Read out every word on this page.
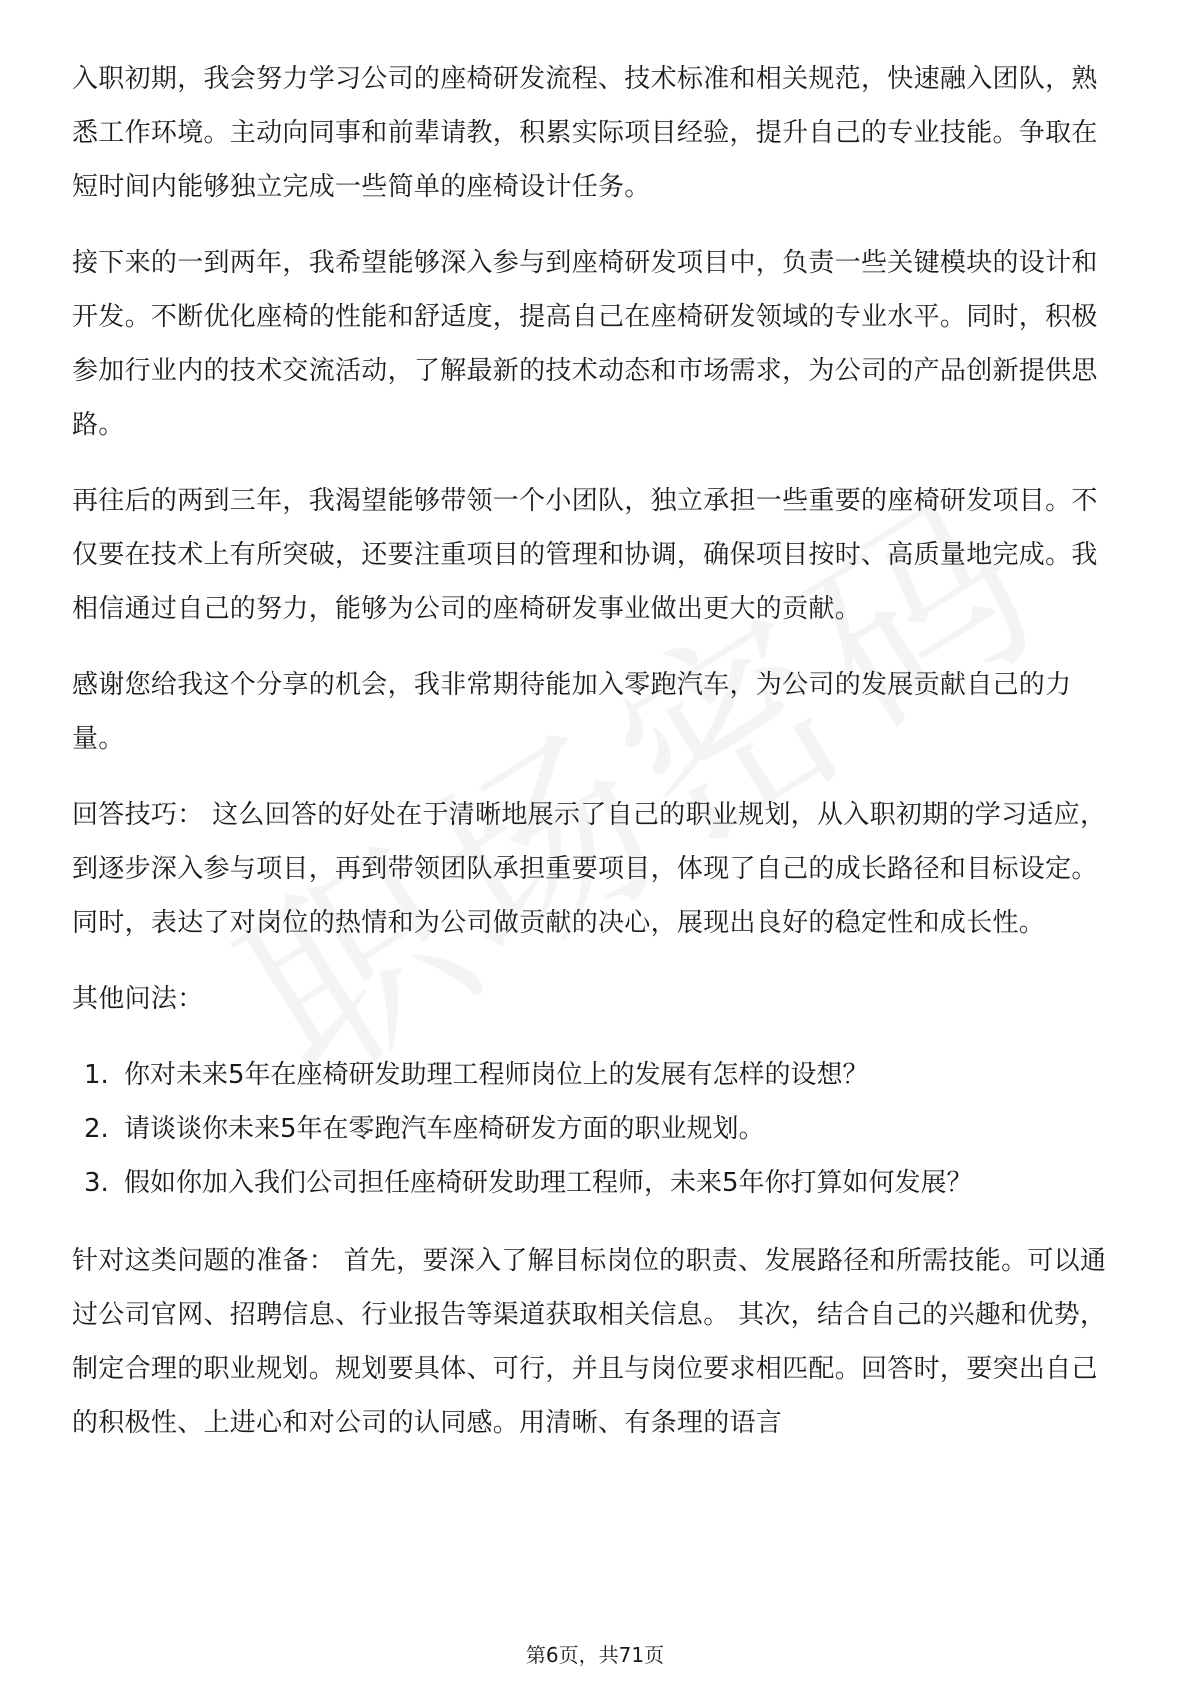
入职初期，我会努力学习公司的座椅研发流程、技术标准和相关规范，快速融入团队，熟悉工作环境。主动向同事和前辈请教，积累实际项目经验，提升自己的专业技能。争取在短时间内能够独立完成一些简单的座椅设计任务。

接下来的一到两年，我希望能够深入参与到座椅研发项目中，负责一些关键模块的设计和开发。不断优化座椅的性能和舒适度，提高自己在座椅研发领域的专业水平。同时，积极参加行业内的技术交流活动，了解最新的技术动态和市场需求，为公司的产品创新提供思路。

再往后的两到三年，我渴望能够带领一个小团队，独立承担一些重要的座椅研发项目。不仅要在技术上有所突破，还要注重项目的管理和协调，确保项目按时、高质量地完成。我相信通过自己的努力，能够为公司的座椅研发事业做出更大的贡献。

感谢您给我这个分享的机会，我非常期待能加入零跑汽车，为公司的发展贡献自己的力量。

回答技巧： 这么回答的好处在于清晰地展示了自己的职业规划，从入职初期的学习适应，到逐步深入参与项目，再到带领团队承担重要项目，体现了自己的成长路径和目标设定。同时，表达了对岗位的热情和为公司做贡献的决心，展现出良好的稳定性和成长性。

其他问法：

1. 你对未来5年在座椅研发助理工程师岗位上的发展有怎样的设想？
2. 请谈谈你未来5年在零跑汽车座椅研发方面的职业规划。
3. 假如你加入我们公司担任座椅研发助理工程师，未来5年你打算如何发展？

针对这类问题的准备： 首先，要深入了解目标岗位的职责、发展路径和所需技能。可以通过公司官网、招聘信息、行业报告等渠道获取相关信息。 其次，结合自己的兴趣和优势，制定合理的职业规划。规划要具体、可行，并且与岗位要求相匹配。回答时，要突出自己的积极性、上进心和对公司的认同感。用清晰、有条理的语言

第6页，共71页
